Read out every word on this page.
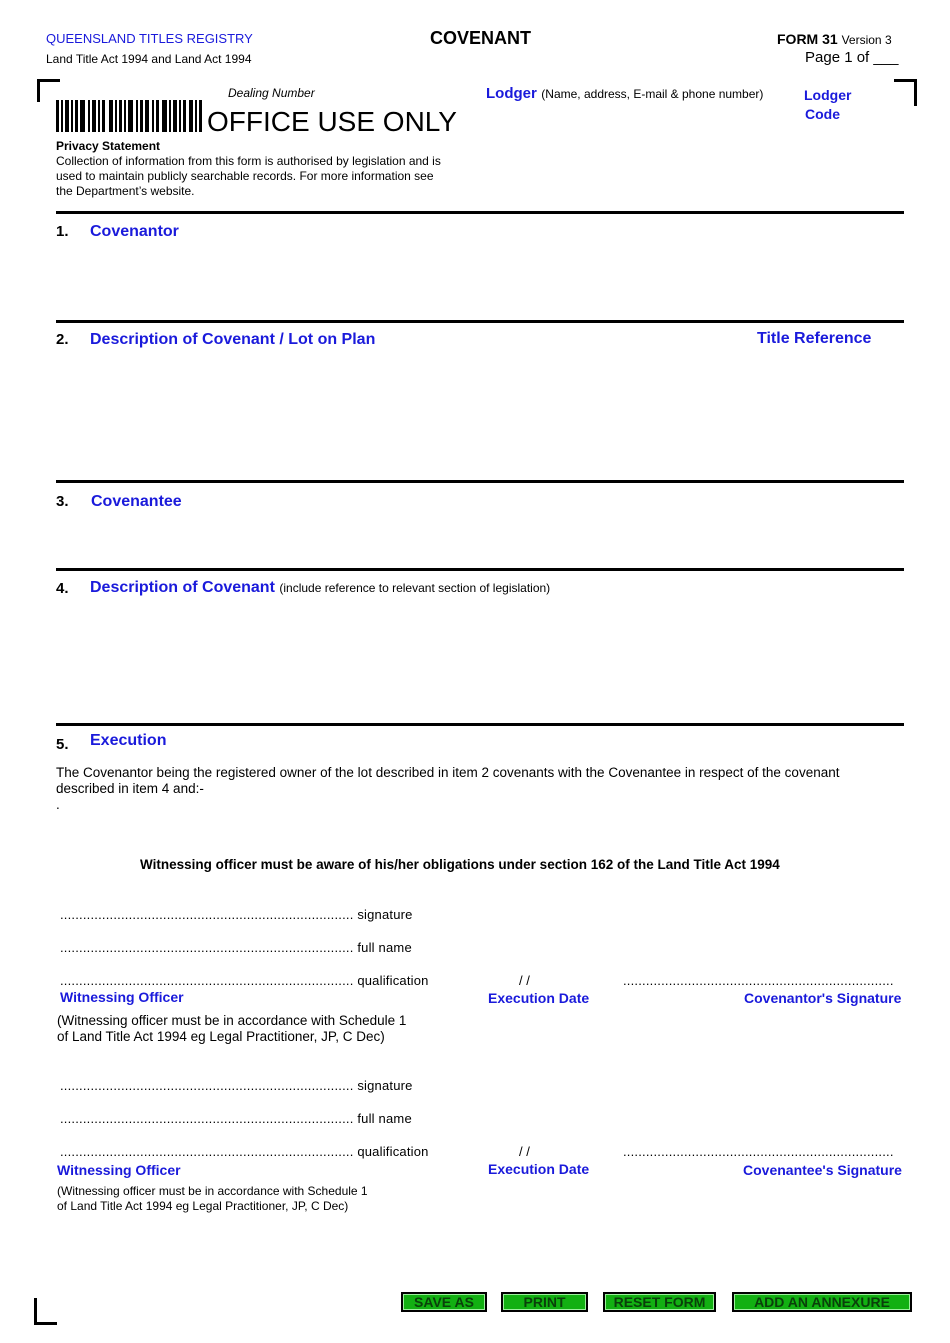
QUEENSLAND TITLES REGISTRY
Land Title Act 1994 and Land Act 1994
COVENANT	FORM 31 Version 3
Page 1 of ___
Dealing Number
OFFICE USE ONLY
Lodger (Name, address, E-mail & phone number)	Lodger
Code
Privacy Statement
Collection of information from this form is authorised by legislation and is
used to maintain publicly searchable records. For more information see
the Department’s website.
1. Covenantor
2. Description of Covenant / Lot on Plan	Title Reference
3. Covenantee
4. Description of Covenant (include reference to relevant section of legislation)
5. Execution
The Covenantor being the registered owner of the lot described in item 2 covenants with the Covenantee in respect of the covenant
described in item 4 and:-
.
Witnessing officer must be aware of his/her obligations under section 162 of the Land Title Act 1994
............................................................................. signature
............................................................................. full name
............................................................................. qualification
Witnessing Officer
(Witnessing officer must be in accordance with Schedule 1
of Land Title Act 1994 eg Legal Practitioner, JP, C Dec)
/ /
Execution Date
.......................................................................
Covenantor's Signature
............................................................................. signature
............................................................................. full name
............................................................................. qualification
Witnessing Officer
(Witnessing officer must be in accordance with Schedule 1
of Land Title Act 1994 eg Legal Practitioner, JP, C Dec)
/ /
Execution Date
.......................................................................
Covenantee's Signature
SAVE AS	PRINT	RESET FORM	ADD AN ANNEXURE
